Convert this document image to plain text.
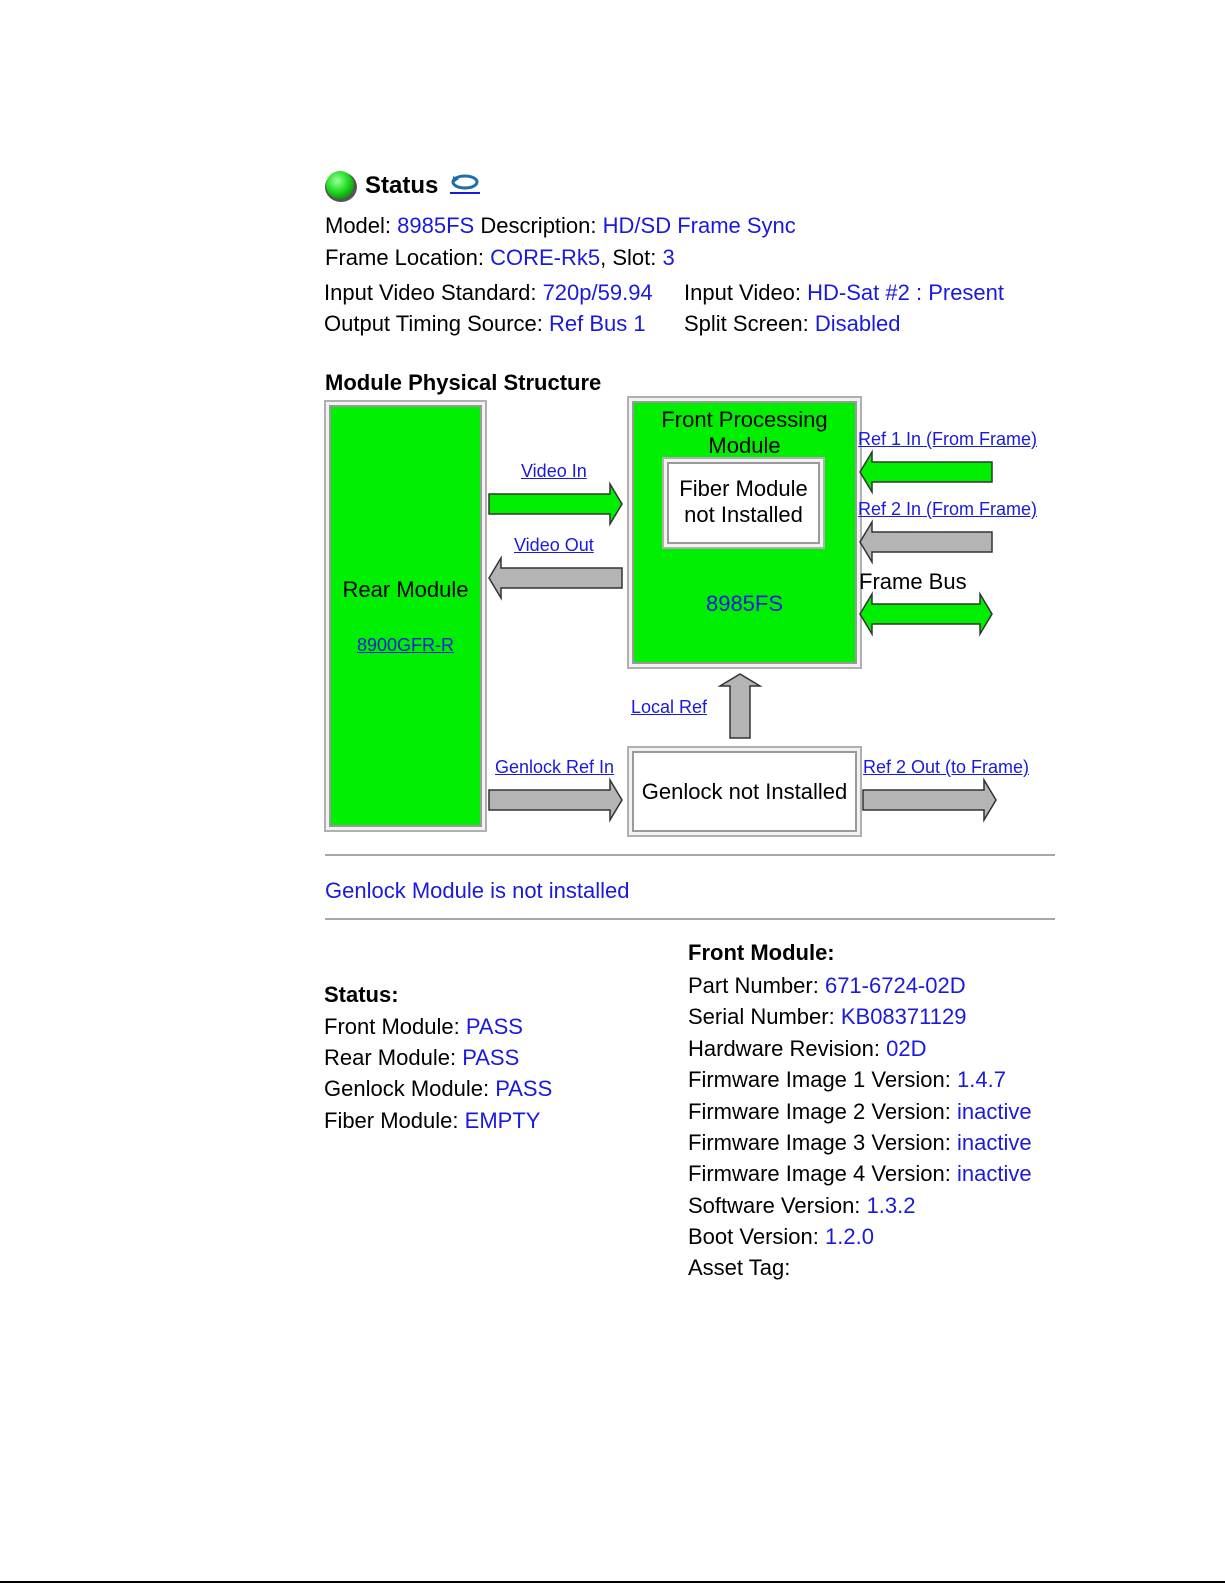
Status
Model: 8985FS Description: HD/SD Frame Sync
Frame Location: CORE-Rk5, Slot: 3
Input Video Standard: 720p/59.94 Input Video: HD-Sat #2 : Present
Output Timing Source: Ref Bus 1 Split Screen: Disabled
Module Physical Structure
Rear Module
8900GFR-R
Front Processing
Module
8985FS
Fiber Module
not Installed
Genlock not Installed
Video In
Video Out
Ref 1 In (From Frame)
Ref 2 In (From Frame)
Frame Bus
Local Ref
Genlock Ref In	Ref 2 Out (to Frame)
Genlock Module is not installed
Status:
Front Module: PASS
Rear Module: PASS
Genlock Module: PASS
Fiber Module: EMPTY
Front Module:
Part Number: 671-6724-02D
Serial Number: KB08371129
Hardware Revision: 02D
Firmware Image 1 Version: 1.4.7
Firmware Image 2 Version: inactive
Firmware Image 3 Version: inactive
Firmware Image 4 Version: inactive
Software Version: 1.3.2
Boot Version: 1.2.0
Asset Tag:
